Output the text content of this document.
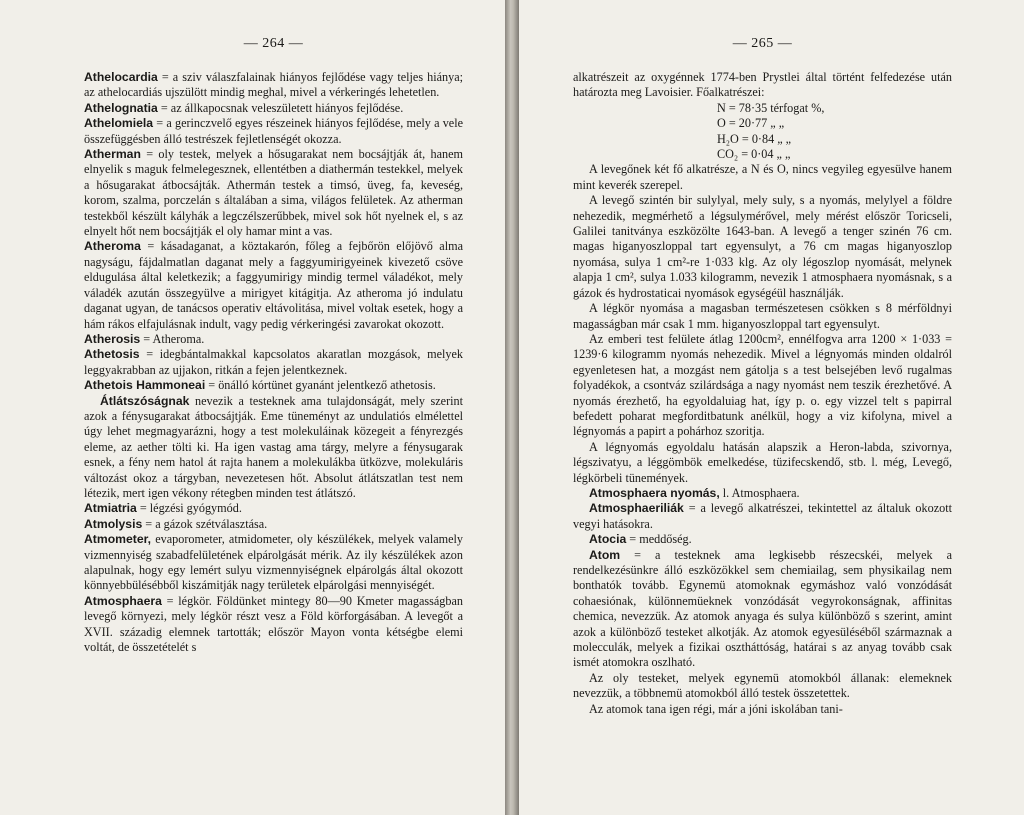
— 264 —

Athelocardia = a sziv válaszfalainak hiányos fejlődése vagy teljes hiánya; az athelocardiás ujszülött mindig meghal, mivel a vérkeringés lehetetlen.

Athelognatia = az állkapocsnak veleszületett hiányos fejlődése.

Athelomiela = a gerinczvelő egyes részeinek hiányos fejlődése, mely a vele összefüggésben álló testrészek fejletlenségét okozza.

Atherman = oly testek, melyek a hősugarakat nem bocsájtják át, hanem elnyelik s maguk felmelegesznek, ellentétben a diathermán testekkel, melyek a hősugarakat átbocsájták. Athermán testek a timsó, üveg, fa, keveség, korom, szalma, porczelán s általában a sima, világos felületek. Az atherman testekből készült kályhák a legczélszerűbbek, mivel sok hőt nyelnek el, s az elnyelt hőt nem bocsájtják el oly hamar mint a vas.

Atheroma = kásadaganat, a köztakarón, főleg a fejbőrön előjövő alma nagyságu, fájdalmatlan daganat mely a faggyumirigyeinek kivezető csöve eldugulása által keletkezik; a faggyumirigy mindig termel váladékot, mely váladék azután összegyülve a mirigyet kitágitja. Az atheroma jó indulatu daganat ugyan, de tanácsos operativ eltávolitása, mivel voltak esetek, hogy a hám rákos elfajulásnak indult, vagy pedig vérkeringési zavarokat okozott.

Atherosis = Atheroma.

Athetosis = idegbántalmakkal kapcsolatos akaratlan mozgások, melyek leggyakrabban az ujjakon, ritkán a fejen jelentkeznek.

Athetois Hammoneai = önálló kórtünet gyanánt jelentkező athetosis.

Átlátszóságnak nevezik a testeknek ama tulajdonságát, mely szerint azok a fénysugarakat átbocsájtják. Eme tüneményt az undulatiós elmélettel úgy lehet megmagyarázni, hogy a test molekuláinak közegeit a fényrezgés eleme, az aether tölti ki. Ha igen vastag ama tárgy, melyre a fénysugarak esnek, a fény nem hatol át rajta hanem a molekulákba ütközve, molekuláris változást okoz a tárgyban, nevezetesen hőt. Absolut átlátszatlan test nem létezik, mert igen vékony rétegben minden test átlátszó.

Atmiatria = légzési gyógymód.

Atmolysis = a gázok szétválasztása.

Atmometer, evaporometer, atmidometer, oly készülékek, melyek valamely vizmennyiség szabadfelületének elpárolgását mérik. Az ily készülékek azon alapulnak, hogy egy lemért sulyu vizmennyiségnek elpárolgás által okozott könnyebbülésébből kiszámitják nagy területek elpárolgási mennyiségét.

Atmosphaera = légkör. Földünket mintegy 80—90 Kmeter magasságban levegő környezi, mely légkör részt vesz a Föld körforgásában. A levegőt a XVII. századig elemnek tartották; először Mayon vonta kétségbe elemi voltát, de összetételét s

— 265 —

alkatrészeit az oxygénnek 1774-ben Prystlei által történt felfedezése után határozta meg Lavoisier. Főalkatrészei:

N = 78·35 térfogat %,

O = 20·77 „ „

H₂O = 0·84 „ „

CO₂ = 0·04 „ „

A levegőnek két fő alkatrésze, a N és O, nincs vegyileg egyesülve hanem mint keverék szerepel.

A levegő szintén bir sulylyal, mely suly, s a nyomás, melylyel a földre nehezedik, megmérhető a légsulymérővel, mely mérést először Toricseli, Galilei tanitványa eszközölte 1643-ban. A levegő a tenger szinén 76 cm. magas higanyoszloppal tart egyensulyt, a 76 cm magas higanyoszlop nyomása, sulya 1 cm²-re 1·033 klg. Az oly légoszlop nyomását, melynek alapja 1 cm², sulya 1.033 kilogramm, nevezik 1 atmosphaera nyomásnak, s a gázok és hydrostaticai nyomások egységéül használják.

A légkör nyomása a magasban természetesen csökken s 8 mérföldnyi magasságban már csak 1 mm. higanyoszloppal tart egyensulyt.

Az emberi test felülete átlag 1200cm², ennélfogva arra 1200 × 1·033 = 1239·6 kilogramm nyomás nehezedik. Mivel a légnyomás minden oldalról egyenletesen hat, a mozgást nem gátolja s a test belsejében levő rugalmas folyadékok, a csontváz szilárdsága a nagy nyomást nem teszik érezhetővé. A nyomás érezhető, ha egyoldaluiag hat, így p. o. egy vizzel telt s papirral befedett poharat megforditbatunk anélkül, hogy a viz kifolyna, mivel a légnyomás a papirt a pohárhoz szoritja.

A légnyomás egyoldalu hatásán alapszik a Heron-labda, szivornya, légszivatyu, a léggömbök emelkedése, tüzifecskendő, stb. l. még, Levegő, légkörbeli tünemények.

Atmosphaera nyomás, l. Atmosphaera.

Atmosphaeriliák = a levegő alkatrészei, tekintettel az általuk okozott vegyi hatásokra.

Atocia = meddőség.

Atom = a testeknek ama legkisebb részecskéi, melyek a rendelkezésünkre álló eszközökkel sem chemiailag, sem physikailag nem bonthatók tovább. Egynemü atomoknak egymáshoz való vonzódását cohaesiónak, különnemüeknek vonzódását vegyrokonságnak, affinitas chemica, nevezzük. Az atomok anyaga és sulya különböző s szerint, amint azok a különböző testeket alkotják. Az atomok egyesüléséből származnak a molecculák, melyek a fizikai osztháttóság, határai s az anyag tovább csak ismét atomokra oszlható.

Az oly testeket, melyek egynemü atomokból állanak: elemeknek nevezzük, a többnemü atomokból álló testek összetettek.

Az atomok tana igen régi, már a jóni iskolában tani-
